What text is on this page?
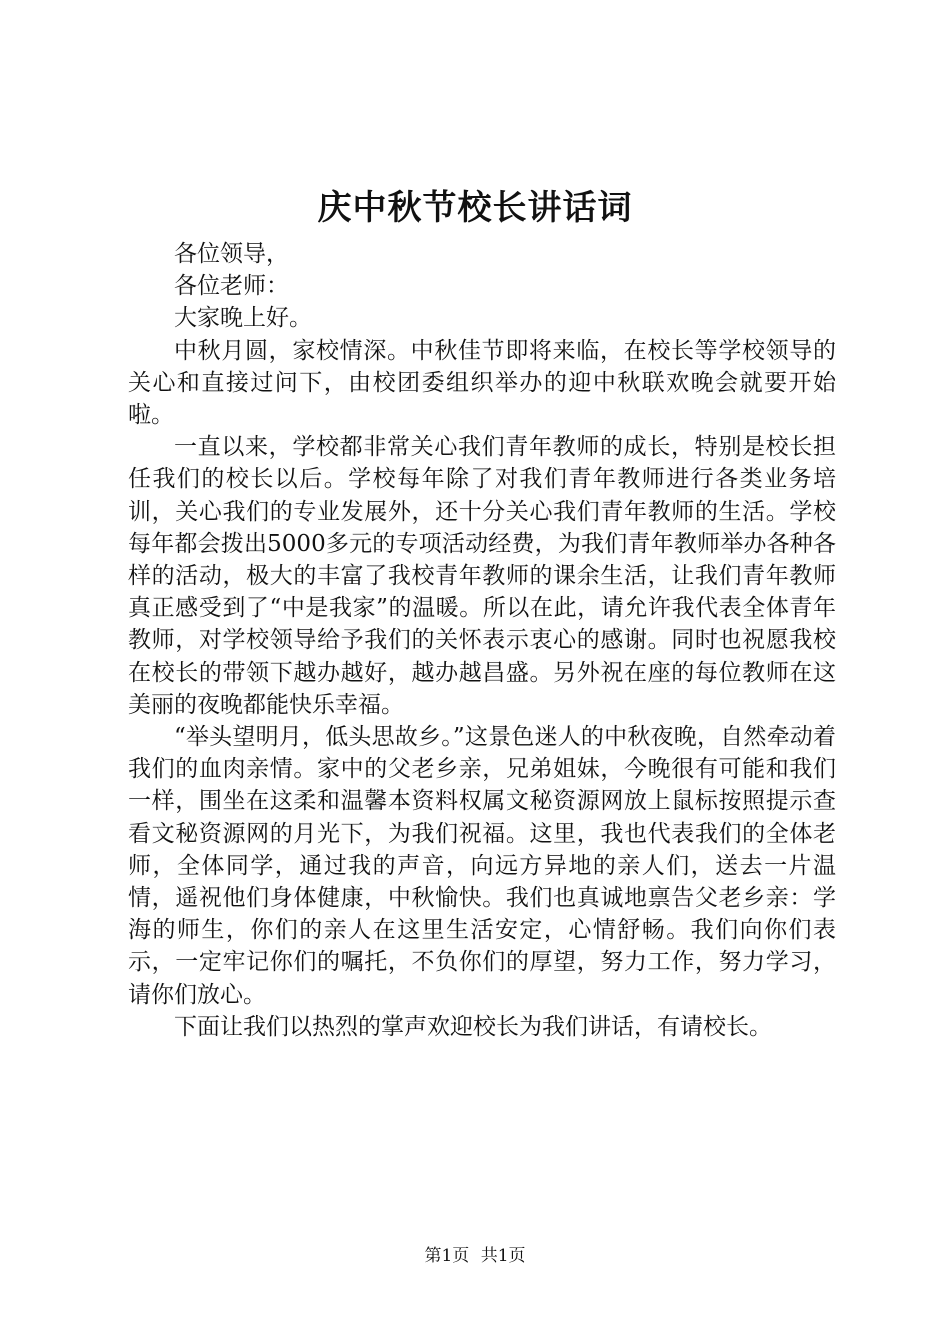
庆中秋节校长讲话词

各位领导，

各位老师：

大家晚上好。

中秋月圆，家校情深。中秋佳节即将来临，在校长等学校领导的关心和直接过问下，由校团委组织举办的迎中秋联欢晚会就要开始啦。

一直以来，学校都非常关心我们青年教师的成长，特别是校长担任我们的校长以后。学校每年除了对我们青年教师进行各类业务培训，关心我们的专业发展外，还十分关心我们青年教师的生活。学校每年都会拨出5000多元的专项活动经费，为我们青年教师举办各种各样的活动，极大的丰富了我校青年教师的课余生活，让我们青年教师真正感受到了“中是我家”的温暖。所以在此，请允许我代表全体青年教师，对学校领导给予我们的关怀表示衷心的感谢。同时也祝愿我校在校长的带领下越办越好，越办越昌盛。另外祝在座的每位教师在这美丽的夜晚都能快乐幸福。

“举头望明月，低头思故乡。”这景色迷人的中秋夜晚，自然牵动着我们的血肉亲情。家中的父老乡亲，兄弟姐妹，今晚很有可能和我们一样，围坐在这柔和温馨本资料权属文秘资源网放上鼠标按照提示查看文秘资源网的月光下，为我们祝福。这里，我也代表我们的全体老师，全体同学，通过我的声音，向远方异地的亲人们，送去一片温情，遥祝他们身体健康，中秋愉快。我们也真诚地禀告父老乡亲：学海的师生，你们的亲人在这里生活安定，心情舒畅。我们向你们表示，一定牢记你们的嘱托，不负你们的厚望，努力工作，努力学习，请你们放心。

下面让我们以热烈的掌声欢迎校长为我们讲话，有请校长。

第1页 共1页
